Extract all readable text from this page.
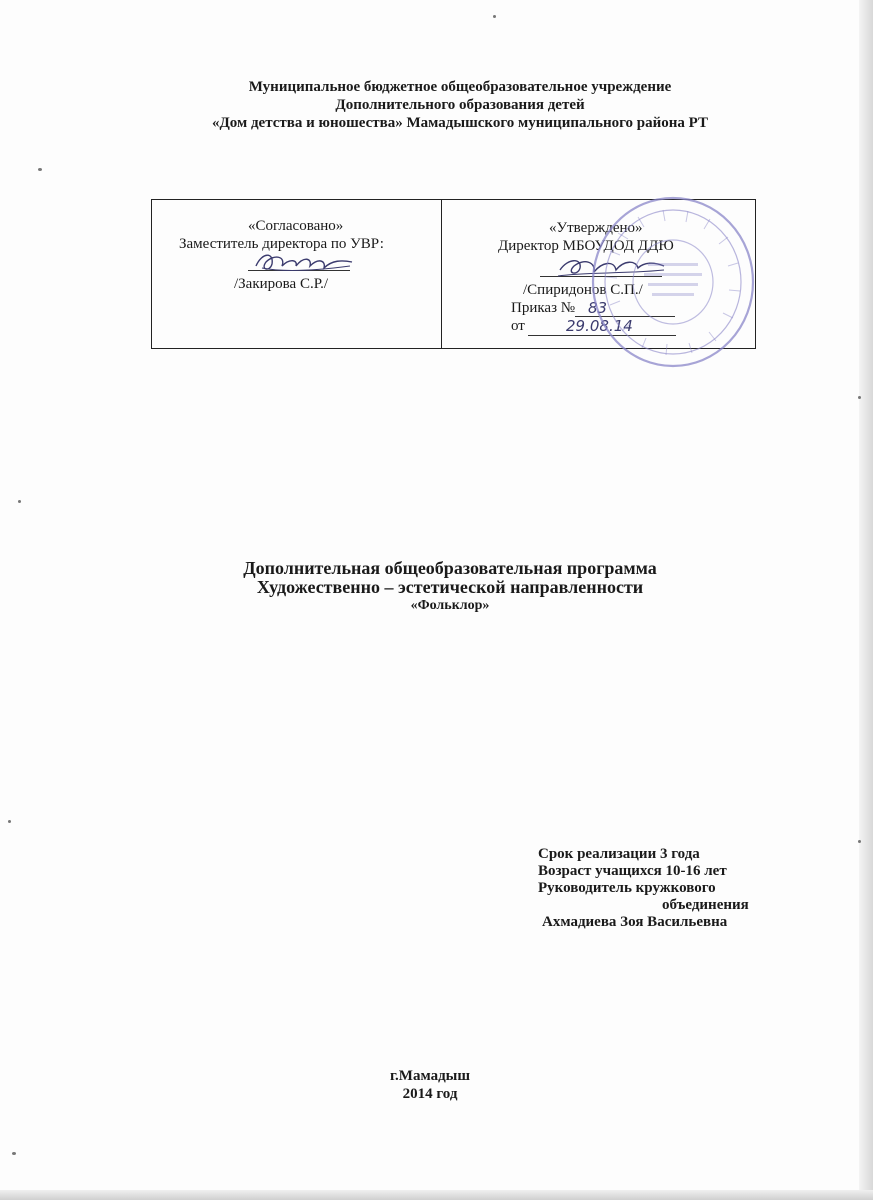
Муниципальное бюджетное общеобразовательное учреждение
Дополнительного образования детей
«Дом детства и юношества» Мамадышского муниципального района РТ
«Согласовано»
Заместитель директора по УВР:
/Закирова С.Р./
«Утверждено»
Директор МБОУДОД ДДЮ
/Спиридонов С.П./
Приказ № 83
от	29.08.14
Дополнительная общеобразовательная программа
Художественно – эстетической направленности
«Фольклор»
Срок реализации 3 года
Возраст учащихся 10-16 лет
Руководитель кружкового
объединения
Ахмадиева Зоя Васильевна
г.Мамадыш
2014 год
